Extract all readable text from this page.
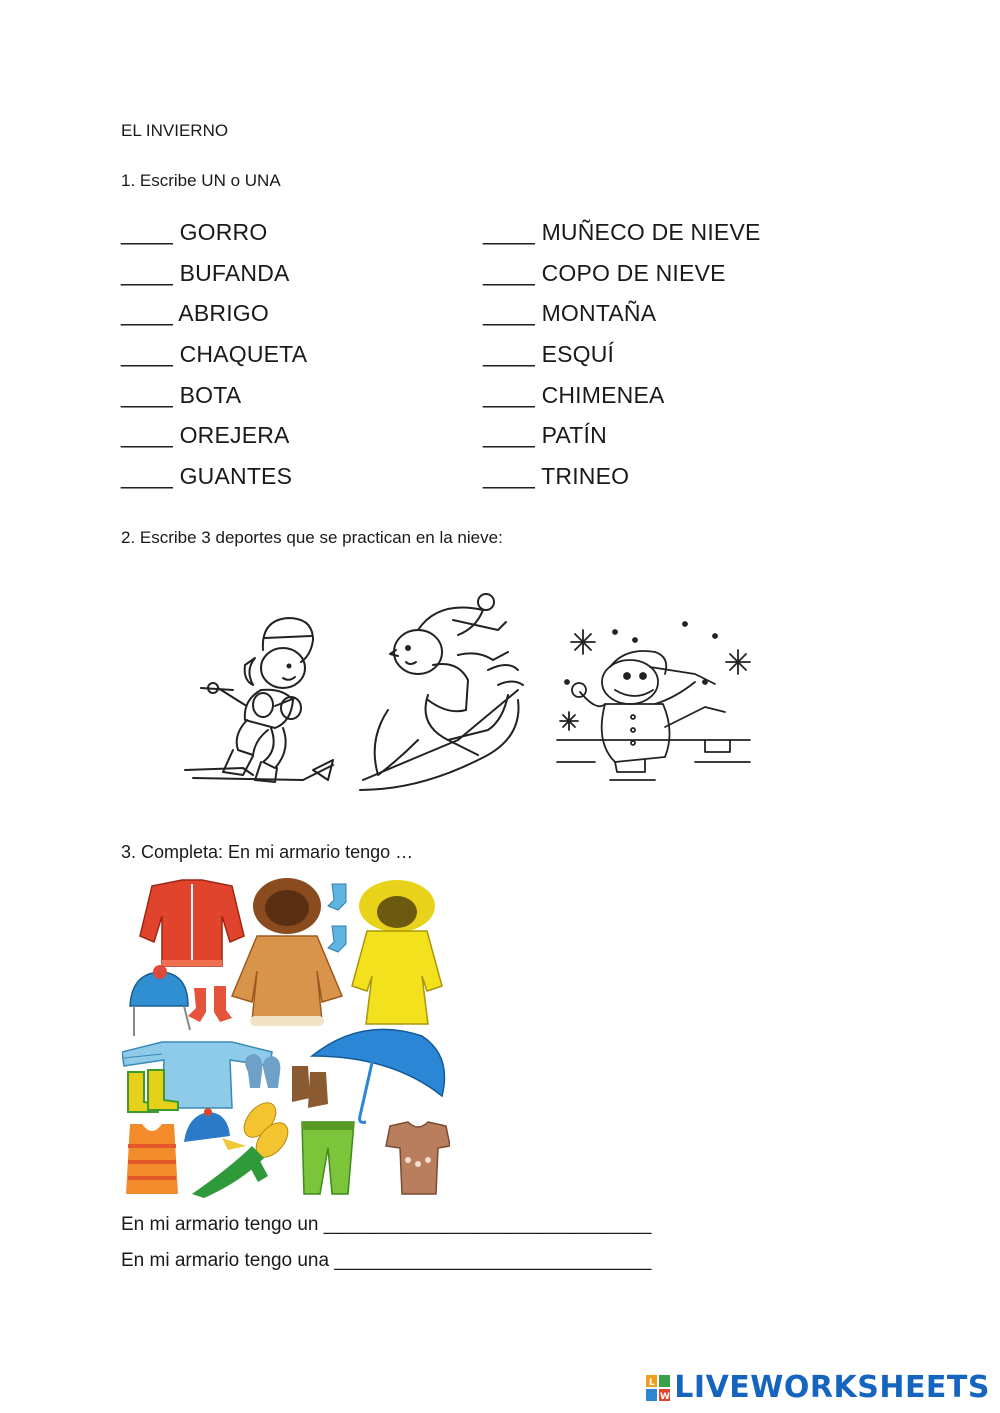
EL INVIERNO
1. Escribe UN o UNA
____ GORRO
____ BUFANDA
____ ABRIGO
____ CHAQUETA
____ BOTA
____ OREJERA
____ GUANTES
____ MUÑECO DE NIEVE
____ COPO DE NIEVE
____ MONTAÑA
____ ESQUÍ
____ CHIMENEA
____ PATÍN
____ TRINEO
2. Escribe 3 deportes que se practican en la nieve:
3. Completa: En mi armario tengo …
En mi armario tengo un _______________________________
En mi armario tengo una ______________________________
L
W LIVEWORKSHEETS
